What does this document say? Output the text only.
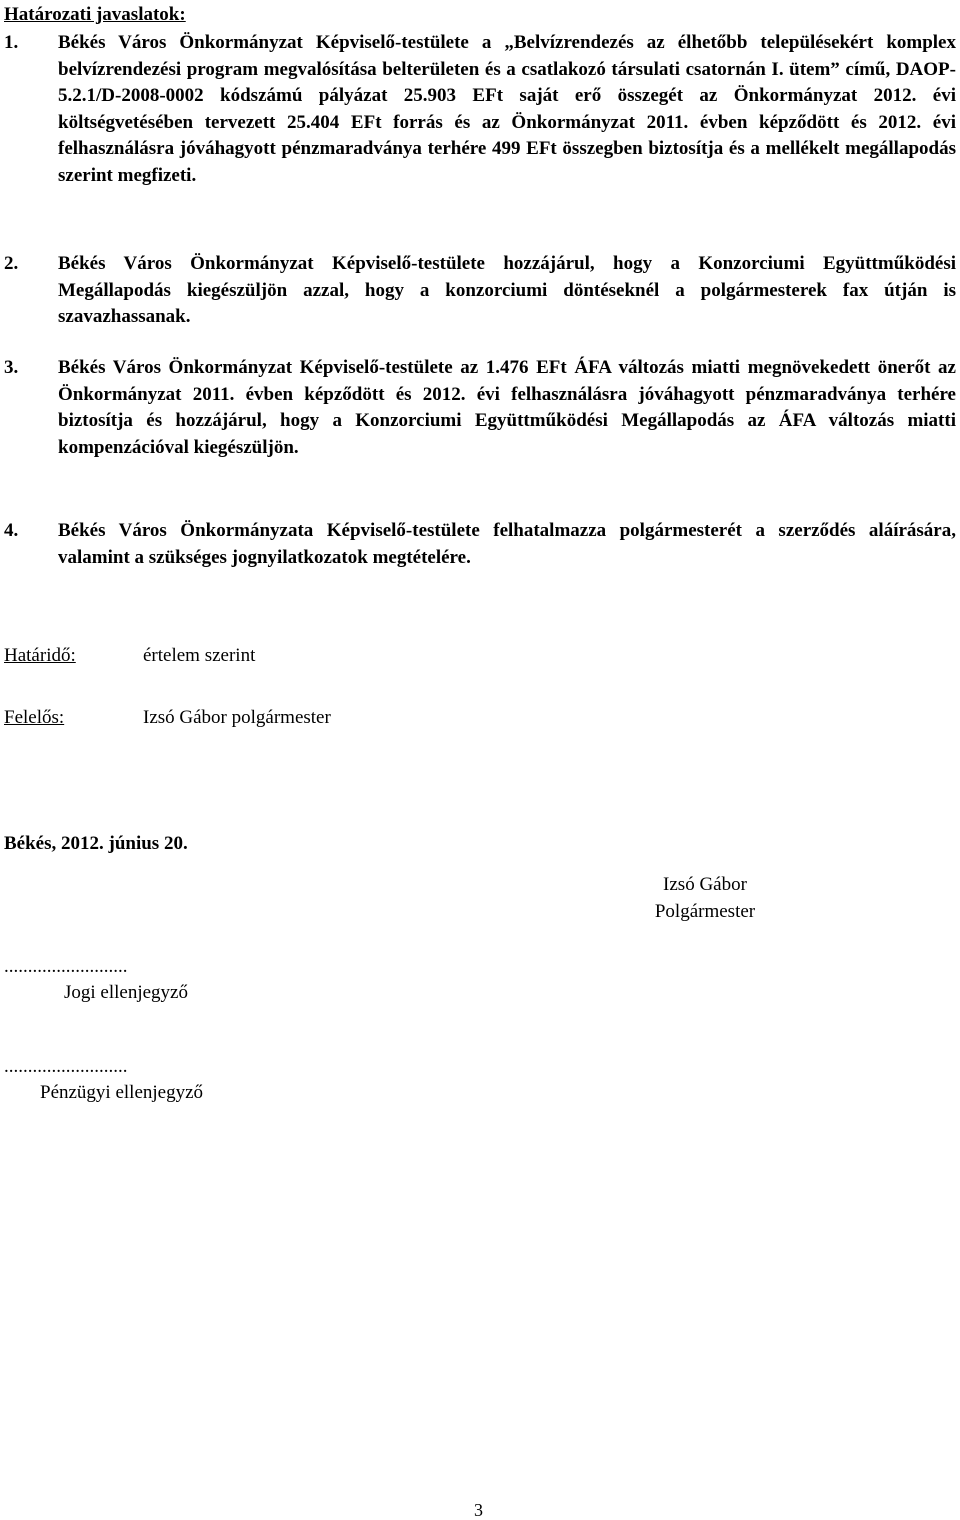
Határozati javaslatok:
1. Békés Város Önkormányzat Képviselő-testülete a „Belvízrendezés az élhetőbb településekért komplex belvízrendezési program megvalósítása belterületen és a csatlakozó társulati csatornán I. ütem” című, DAOP-5.2.1/D-2008-0002 kódszámú pályázat 25.903 EFt saját erő összegét az Önkormányzat 2012. évi költségvetésében tervezett 25.404 EFt forrás és az Önkormányzat 2011. évben képződött és 2012. évi felhasználásra jóváhagyott pénzmaradványa terhére 499 EFt összegben biztosítja és a mellékelt megállapodás szerint megfizeti.
2. Békés Város Önkormányzat Képviselő-testülete hozzájárul, hogy a Konzorciumi Együttműködési Megállapodás kiegészüljön azzal, hogy a konzorciumi döntéseknél a polgármesterek fax útján is szavazhassanak.
3. Békés Város Önkormányzat Képviselő-testülete az 1.476 EFt ÁFA változás miatti megnövekedett önerőt az Önkormányzat 2011. évben képződött és 2012. évi felhasználásra jóváhagyott pénzmaradványa terhére biztosítja és hozzájárul, hogy a Konzorciumi Együttműködési Megállapodás az ÁFA változás miatti kompenzációval kiegészüljön.
4. Békés Város Önkormányzata Képviselő-testülete felhatalmazza polgármesterét a szerződés aláírására, valamint a szükséges jognyilatkozatok megtételére.
Határidő:	értelem szerint
Felelős:	Izsó Gábor polgármester
Békés, 2012. június 20.
Izsó Gábor
Polgármester
..........................
Jogi ellenjegyző
..........................
Pénzügyi ellenjegyző
3
